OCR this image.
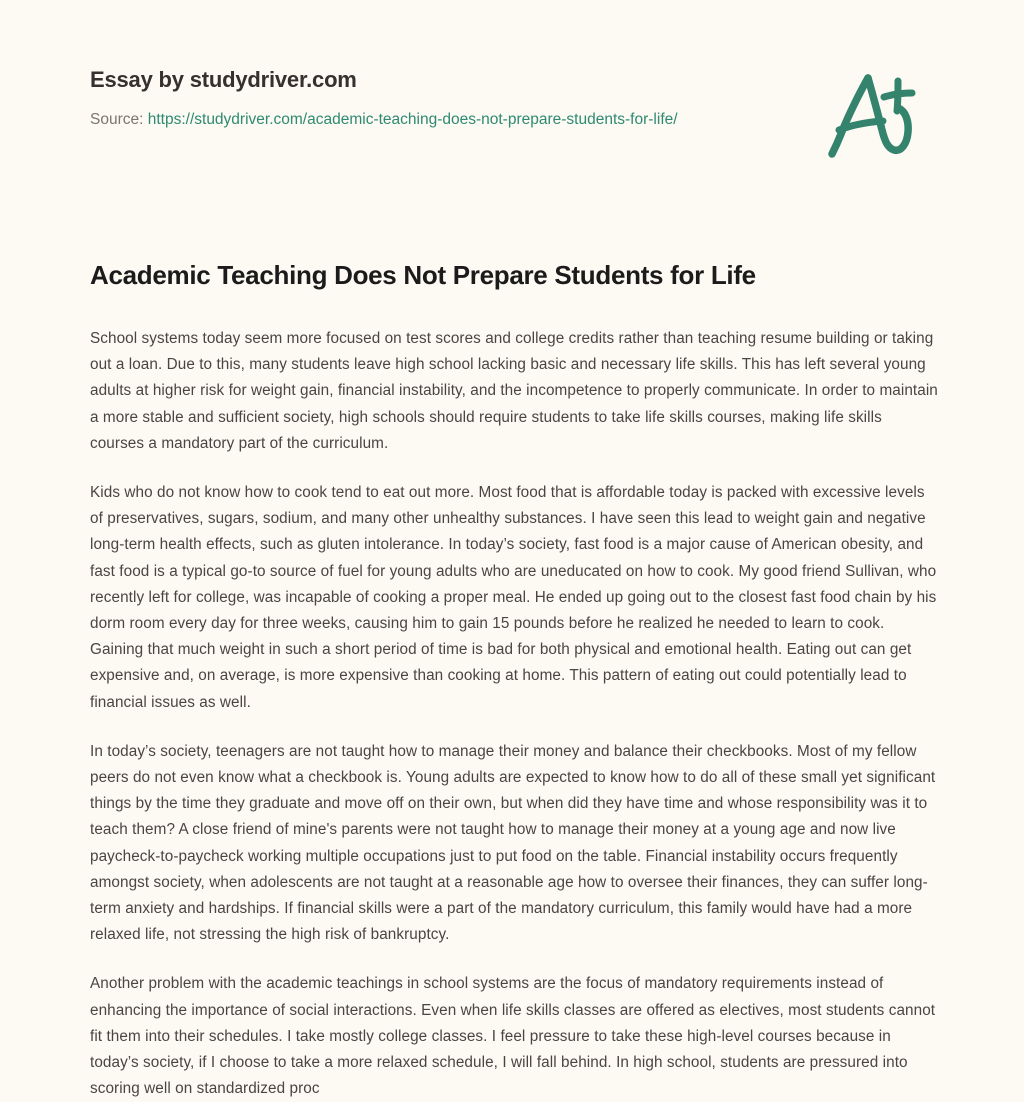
Essay by studydriver.com
Source: https://studydriver.com/academic-teaching-does-not-prepare-students-for-life/
Academic Teaching Does Not Prepare Students for Life

School systems today seem more focused on test scores and college credits rather than teaching resume building or taking out a loan. Due to this, many students leave high school lacking basic and necessary life skills. This has left several young adults at higher risk for weight gain, financial instability, and the incompetence to properly communicate. In order to maintain a more stable and sufficient society, high schools should require students to take life skills courses, making life skills courses a mandatory part of the curriculum.

Kids who do not know how to cook tend to eat out more. Most food that is affordable today is packed with excessive levels of preservatives, sugars, sodium, and many other unhealthy substances. I have seen this lead to weight gain and negative long-term health effects, such as gluten intolerance. In today’s society, fast food is a major cause of American obesity, and fast food is a typical go-to source of fuel for young adults who are uneducated on how to cook. My good friend Sullivan, who recently left for college, was incapable of cooking a proper meal. He ended up going out to the closest fast food chain by his dorm room every day for three weeks, causing him to gain 15 pounds before he realized he needed to learn to cook. Gaining that much weight in such a short period of time is bad for both physical and emotional health. Eating out can get expensive and, on average, is more expensive than cooking at home. This pattern of eating out could potentially lead to financial issues as well.

In today’s society, teenagers are not taught how to manage their money and balance their checkbooks. Most of my fellow peers do not even know what a checkbook is. Young adults are expected to know how to do all of these small yet significant things by the time they graduate and move off on their own, but when did they have time and whose responsibility was it to teach them? A close friend of mine's parents were not taught how to manage their money at a young age and now live paycheck-to-paycheck working multiple occupations just to put food on the table. Financial instability occurs frequently amongst society, when adolescents are not taught at a reasonable age how to oversee their finances, they can suffer long-term anxiety and hardships. If financial skills were a part of the mandatory curriculum, this family would have had a more relaxed life, not stressing the high risk of bankruptcy.

Another problem with the academic teachings in school systems are the focus of mandatory requirements instead of enhancing the importance of social interactions. Even when life skills classes are offered as electives, most students cannot fit them into their schedules. I take mostly college classes. I feel pressure to take these high-level courses because in today’s society, if I choose to take a more relaxed schedule, I will fall behind. In high school, students are pressured into scoring well on standardized proc
